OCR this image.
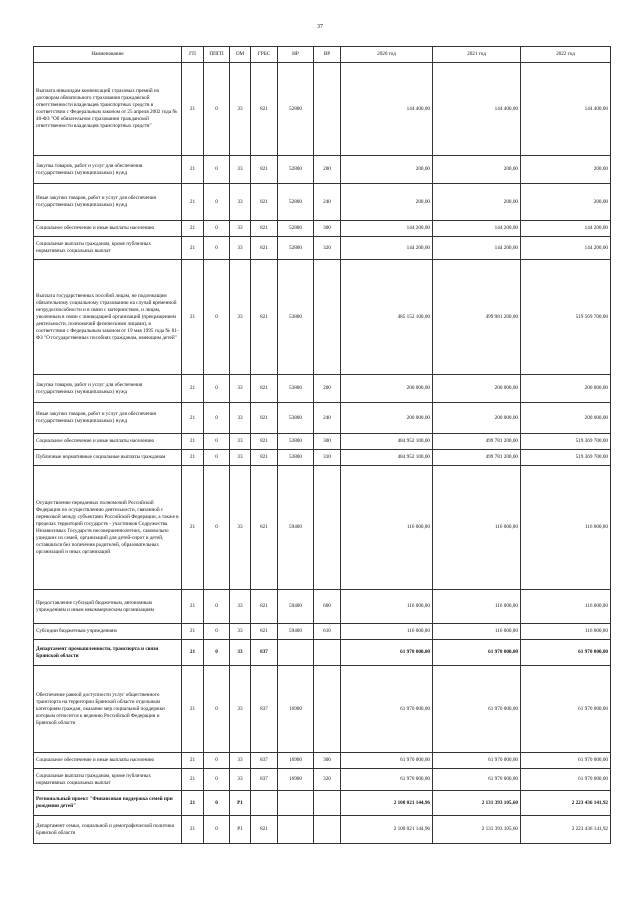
37
Наименование	ГП	ППГП	ОМ	ГРБС	НР	ВР	2020 год	2021 год	2022 год
Выплата инвалидам компенсаций страховых премий по договорам обязательного страхования гражданской ответственности владельцев транспортных средств в соответствии с Федеральным законом от 25 апреля 2002 года № 40-ФЗ "Об обязательном страховании гражданской ответственности владельцев транспортных средств"	21	0	33	821	52800		144 400,00	144 400,00	144 400,00
Закупка товаров, работ и услуг для обеспечения государственных (муниципальных) нужд	21	0	33	821	52800	200	200,00	200,00	200,00
Иные закупки товаров, работ и услуг для обеспечения государственных (муниципальных) нужд	21	0	33	821	52800	240	200,00	200,00	200,00
Социальное обеспечение и иные выплаты населению	21	0	33	821	52800	300	144 200,00	144 200,00	144 200,00
Социальные выплаты гражданам, кроме публичных нормативных социальных выплат	21	0	33	821	52800	320	144 200,00	144 200,00	144 200,00
Выплата государственных пособий лицам, не подлежащим обязательному социальному страхованию на случай временной нетрудоспособности и в связи с материнством, и лицам, уволенным в связи с ликвидацией организаций (прекращением деятельности, полномочий физическими лицами), в соответствии с Федеральным законом от 19 мая 1995 года № 81-ФЗ "О государственных пособиях гражданам, имеющим детей"	21	0	33	821	53800		485 152 100,00	499 981 200,00	519 569 700,00
Закупка товаров, работ и услуг для обеспечения государственных (муниципальных) нужд	21	0	33	821	53800	200	200 000,00	200 000,00	200 000,00
Иные закупки товаров, работ и услуг для обеспечения государственных (муниципальных) нужд	21	0	33	821	53800	240	200 000,00	200 000,00	200 000,00
Социальное обеспечение и иные выплаты населению	21	0	33	821	53800	300	484 952 100,00	499 781 200,00	519 369 700,00
Публичные нормативные социальные выплаты гражданам	21	0	33	821	53800	310	484 952 100,00	499 781 200,00	519 369 700,00
Осуществление переданных полномочий Российской Федерации по осуществлению деятельности, связанной с перевозкой между субъектами Российской Федерации, а также в пределах территорий государств - участников Содружества Независимых Государств несовершеннолетних, самовольно ушедших из семей, организаций для детей-сирот и детей, оставшихся без попечения родителей, образовательных организаций и иных организаций	21	0	33	821	59400		116 000,00	116 000,00	116 000,00
Предоставление субсидий бюджетным, автономным учреждениям и иным некоммерческим организациям	21	0	33	821	59400	600	116 000,00	116 000,00	116 000,00
Субсидии бюджетным учреждениям	21	0	33	821	59400	610	116 000,00	116 000,00	116 000,00
Департамент промышленности, транспорта и связи Брянской области	21	0	33	837			61 970 000,00	61 970 000,00	61 970 000,00
Обеспечение равной доступности услуг общественного транспорта на территории Брянской области отдельным категориям граждан, оказание мер социальной поддержки которым относится к ведению Российской Федерации и Брянской области	21	0	33	837	16900		61 970 000,00	61 970 000,00	61 970 000,00
Социальное обеспечение и иные выплаты населению	21	0	33	837	16900	300	61 970 000,00	61 970 000,00	61 970 000,00
Социальные выплаты гражданам, кроме публичных нормативных социальных выплат	21	0	33	837	16900	320	61 970 000,00	61 970 000,00	61 970 000,00
Региональный проект "Финансовая поддержка семей при рождении детей"	21	0	P1				2 100 021 144,96	2 131 393 105,60	2 223 436 141,92
Департамент семьи, социальной и демографической политики Брянской области	21	0	P1	821			2 100 021 144,96	2 131 393 105,60	2 223 436 141,92
